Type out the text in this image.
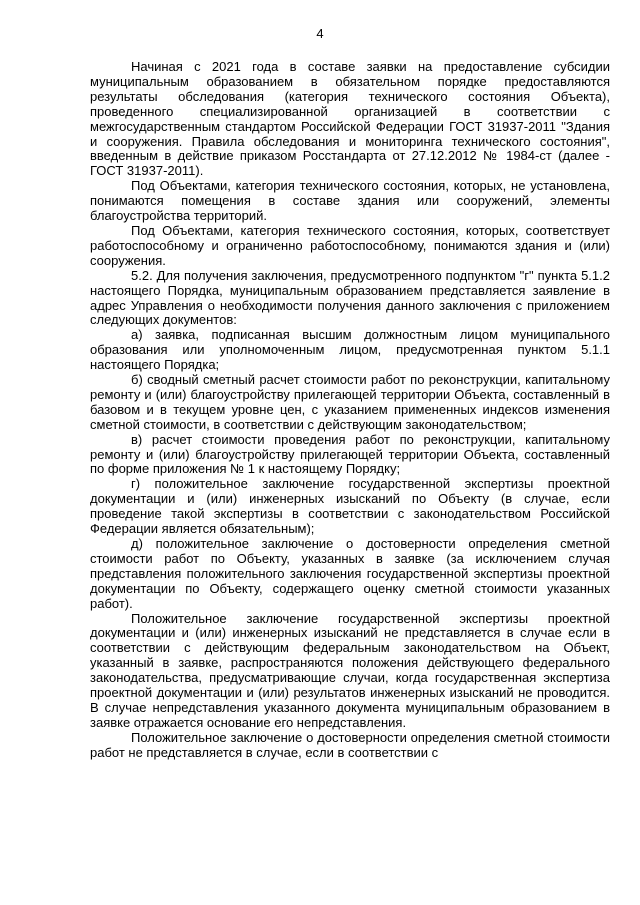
4

Начиная с 2021 года в составе заявки на предоставление субсидии муниципальным образованием в обязательном порядке предоставляются результаты обследования (категория технического состояния Объекта), проведенного специализированной организацией в соответствии с межгосударственным стандартом Российской Федерации ГОСТ 31937-2011 "Здания и сооружения. Правила обследования и мониторинга технического состояния", введенным в действие приказом Росстандарта от 27.12.2012 № 1984-ст (далее - ГОСТ 31937-2011).

Под Объектами, категория технического состояния, которых, не установлена, понимаются помещения в составе здания или сооружений, элементы благоустройства территорий.

Под Объектами, категория технического состояния, которых, соответствует работоспособному и ограниченно работоспособному, понимаются здания и (или) сооружения.

5.2. Для получения заключения, предусмотренного подпунктом "г" пункта 5.1.2 настоящего Порядка, муниципальным образованием представляется заявление в адрес Управления о необходимости получения данного заключения с приложением следующих документов:

а) заявка, подписанная высшим должностным лицом муниципального образования или уполномоченным лицом, предусмотренная пунктом 5.1.1 настоящего Порядка;

б) сводный сметный расчет стоимости работ по реконструкции, капитальному ремонту и (или) благоустройству прилегающей территории Объекта, составленный в базовом и в текущем уровне цен, с указанием примененных индексов изменения сметной стоимости, в соответствии с действующим законодательством;

в) расчет стоимости проведения работ по реконструкции, капитальному ремонту и (или) благоустройству прилегающей территории Объекта, составленный по форме приложения № 1 к настоящему Порядку;

г) положительное заключение государственной экспертизы проектной документации и (или) инженерных изысканий по Объекту (в случае, если проведение такой экспертизы в соответствии с законодательством Российской Федерации является обязательным);

д) положительное заключение о достоверности определения сметной стоимости работ по Объекту, указанных в заявке (за исключением случая представления положительного заключения государственной экспертизы проектной документации по Объекту, содержащего оценку сметной стоимости указанных работ).

Положительное заключение государственной экспертизы проектной документации и (или) инженерных изысканий не представляется в случае если в соответствии с действующим федеральным законодательством на Объект, указанный в заявке, распространяются положения действующего федерального законодательства, предусматривающие случаи, когда государственная экспертиза проектной документации и (или) результатов инженерных изысканий не проводится. В случае непредставления указанного документа муниципальным образованием в заявке отражается основание его непредставления.

Положительное заключение о достоверности определения сметной стоимости работ не представляется в случае, если в соответствии с
